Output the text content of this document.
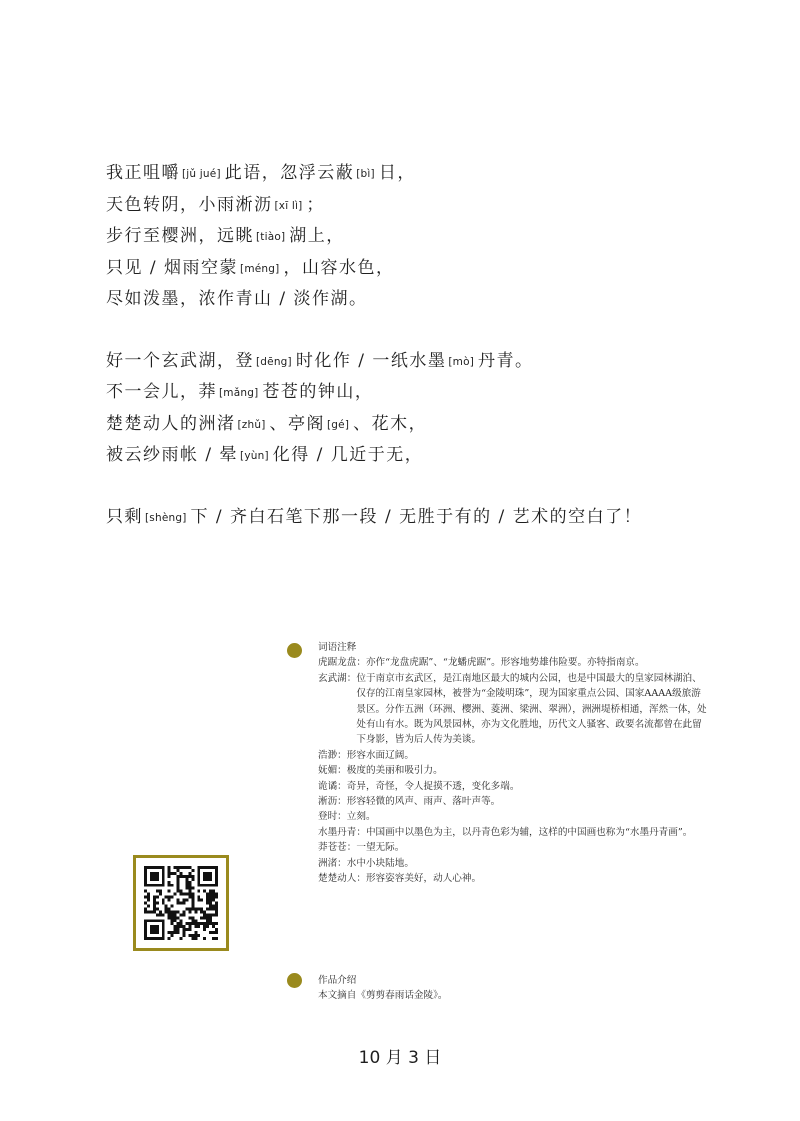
我正咀嚼 [jǔ jué] 此语，忽浮云蔽 [bì] 日，
天色转阴，小雨淅沥 [xī lì] ；
步行至樱洲，远眺 [tiào] 湖上，
只见 / 烟雨空蒙 [méng] ，山容水色，
尽如泼墨，浓作青山 / 淡作湖。
好一个玄武湖，登 [dēng] 时化作 / 一纸水墨 [mò] 丹青。
不一会儿，莽 [mǎng] 苍苍的钟山，
楚楚动人的洲渚 [zhǔ] 、亭阁 [gé] 、花木，
被云纱雨帐 / 晕 [yùn] 化得 / 几近于无，
只剩 [shèng] 下 / 齐白石笔下那一段 / 无胜于有的 / 艺术的空白了！
词语注释
虎踞龙盘： 亦作“龙盘虎踞”、“龙蟠虎踞”。形容地势雄伟险要。亦特指南京。
玄武湖： 位于南京市玄武区，是江南地区最大的城内公园，也是中国最大的皇家园林湖泊、仅存的江南皇家园林，被誉为“金陵明珠”，现为国家重点公园、国家AAAA级旅游景区。分作五洲（环洲、樱洲、菱洲、梁洲、翠洲），洲洲堤桥相通，浑然一体，处处有山有水。既为风景园林，亦为文化胜地，历代文人骚客、政要名流都曾在此留下身影，皆为后人传为美谈。
浩渺： 形容水面辽阔。
妩媚： 极度的美丽和吸引力。
诡谲： 奇异，奇怪，令人捉摸不透，变化多端。
淅沥： 形容轻微的风声、雨声、落叶声等。
登时： 立刻。
水墨丹青： 中国画中以墨色为主，以丹青色彩为辅，这样的中国画也称为“水墨丹青画”。
莽苍苍： 一望无际。
洲渚： 水中小块陆地。
楚楚动人： 形容姿容美好，动人心神。
作品介绍
本文摘自《剪剪春雨话金陵》。
10 月 3 日
